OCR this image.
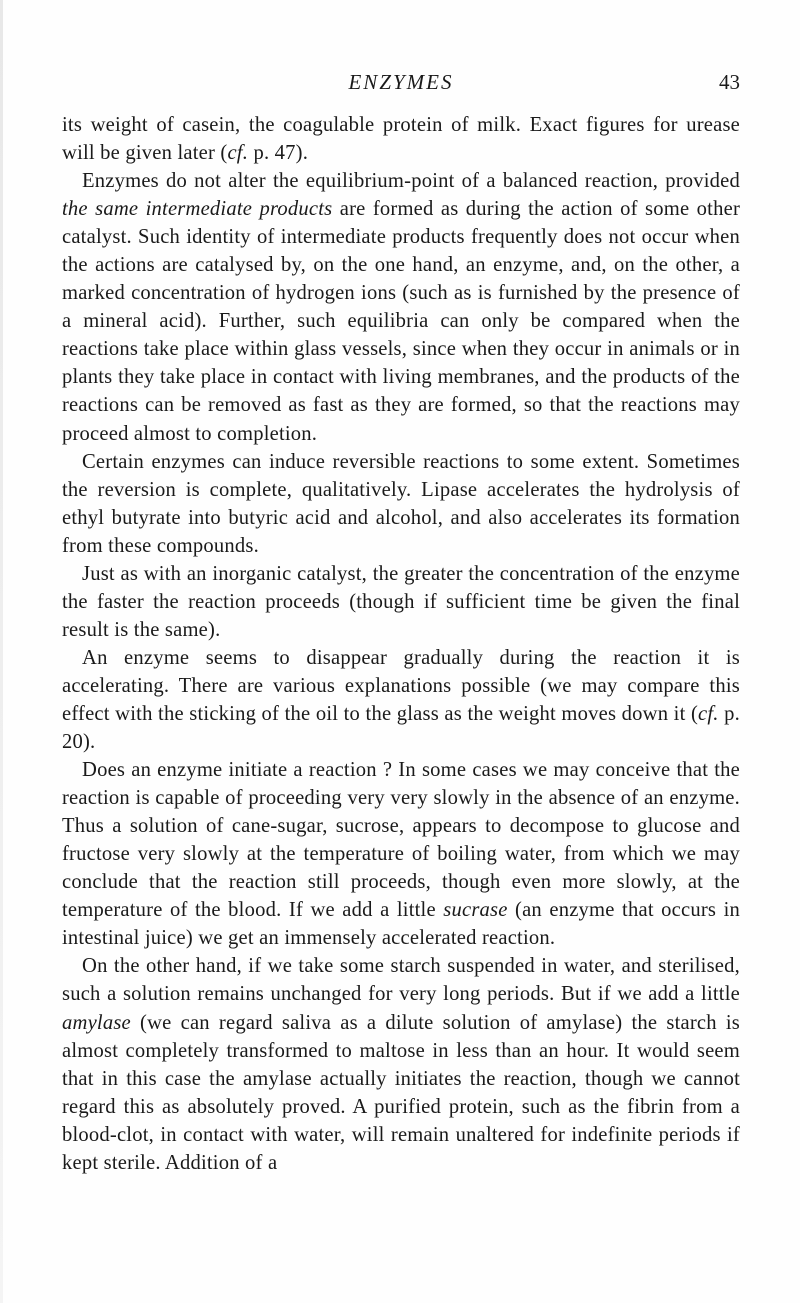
ENZYMES	43

its weight of casein, the coagulable protein of milk. Exact figures for urease will be given later (cf. p. 47).

Enzymes do not alter the equilibrium-point of a balanced reaction, provided the same intermediate products are formed as during the action of some other catalyst. Such identity of intermediate products frequently does not occur when the actions are catalysed by, on the one hand, an enzyme, and, on the other, a marked concentration of hydrogen ions (such as is furnished by the presence of a mineral acid). Further, such equilibria can only be compared when the reactions take place within glass vessels, since when they occur in animals or in plants they take place in contact with living membranes, and the products of the reactions can be removed as fast as they are formed, so that the reactions may proceed almost to completion.

Certain enzymes can induce reversible reactions to some extent. Sometimes the reversion is complete, qualitatively. Lipase accelerates the hydrolysis of ethyl butyrate into butyric acid and alcohol, and also accelerates its formation from these compounds.

Just as with an inorganic catalyst, the greater the concentration of the enzyme the faster the reaction proceeds (though if sufficient time be given the final result is the same).

An enzyme seems to disappear gradually during the reaction it is accelerating. There are various explanations possible (we may compare this effect with the sticking of the oil to the glass as the weight moves down it (cf. p. 20).

Does an enzyme initiate a reaction ? In some cases we may conceive that the reaction is capable of proceeding very very slowly in the absence of an enzyme. Thus a solution of cane-sugar, sucrose, appears to decompose to glucose and fructose very slowly at the temperature of boiling water, from which we may conclude that the reaction still proceeds, though even more slowly, at the temperature of the blood. If we add a little sucrase (an enzyme that occurs in intestinal juice) we get an immensely accelerated reaction.

On the other hand, if we take some starch suspended in water, and sterilised, such a solution remains unchanged for very long periods. But if we add a little amylase (we can regard saliva as a dilute solution of amylase) the starch is almost completely transformed to maltose in less than an hour. It would seem that in this case the amylase actually initiates the reaction, though we cannot regard this as absolutely proved. A purified protein, such as the fibrin from a blood-clot, in contact with water, will remain unaltered for indefinite periods if kept sterile. Addition of a
